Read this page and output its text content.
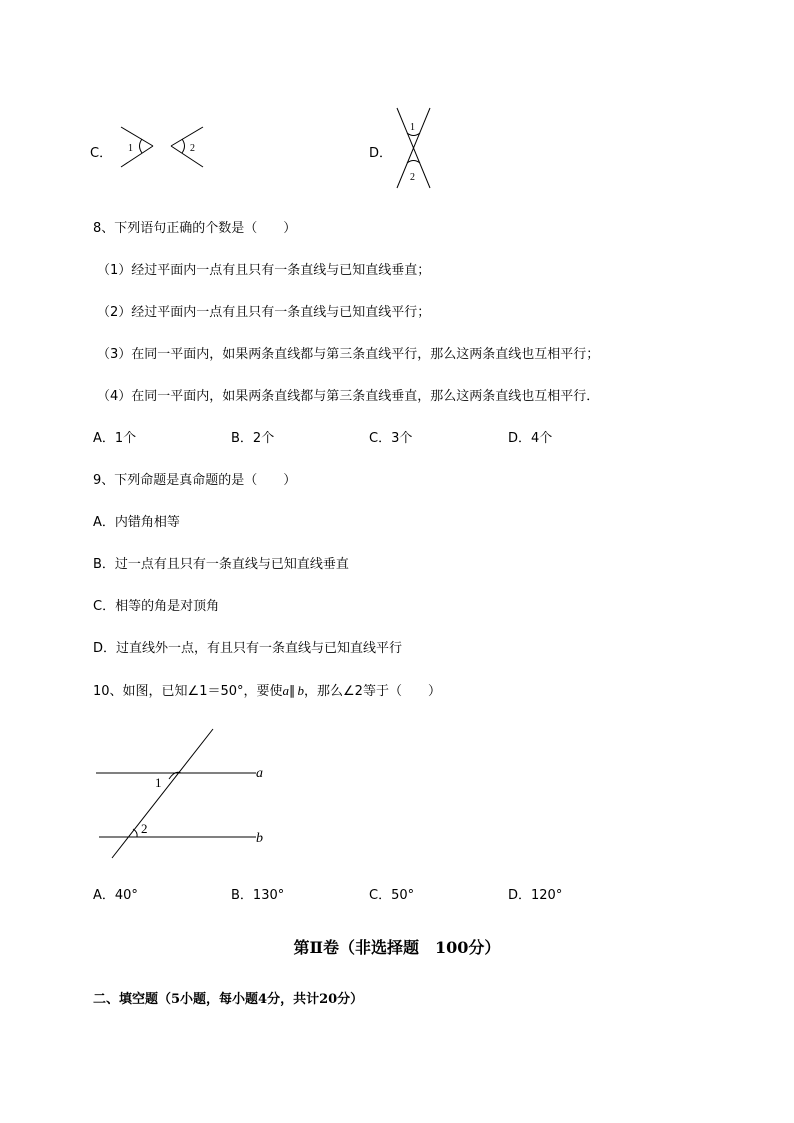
C． 1	2	D．
1
2
8、下列语句正确的个数是（　　）
（1）经过平面内一点有且只有一条直线与已知直线垂直；
（2）经过平面内一点有且只有一条直线与已知直线平行；
（3）在同一平面内，如果两条直线都与第三条直线平行，那么这两条直线也互相平行；
（4）在同一平面内，如果两条直线都与第三条直线垂直，那么这两条直线也互相平行．
A．1个	B．2个	C．3个	D．4个
9、下列命题是真命题的是（　　）
A．内错角相等
B．过一点有且只有一条直线与已知直线垂直
C．相等的角是对顶角
D．过直线外一点，有且只有一条直线与已知直线平行
10、如图，已知∠1＝50°，要使a∥ b，那么∠2等于（　　）
1
2
a
b
A．40°	B．130°	C．50°	D．120°
第Ⅱ卷（非选择题　100分）
二、填空题（5小题，每小题4分，共计20分）
